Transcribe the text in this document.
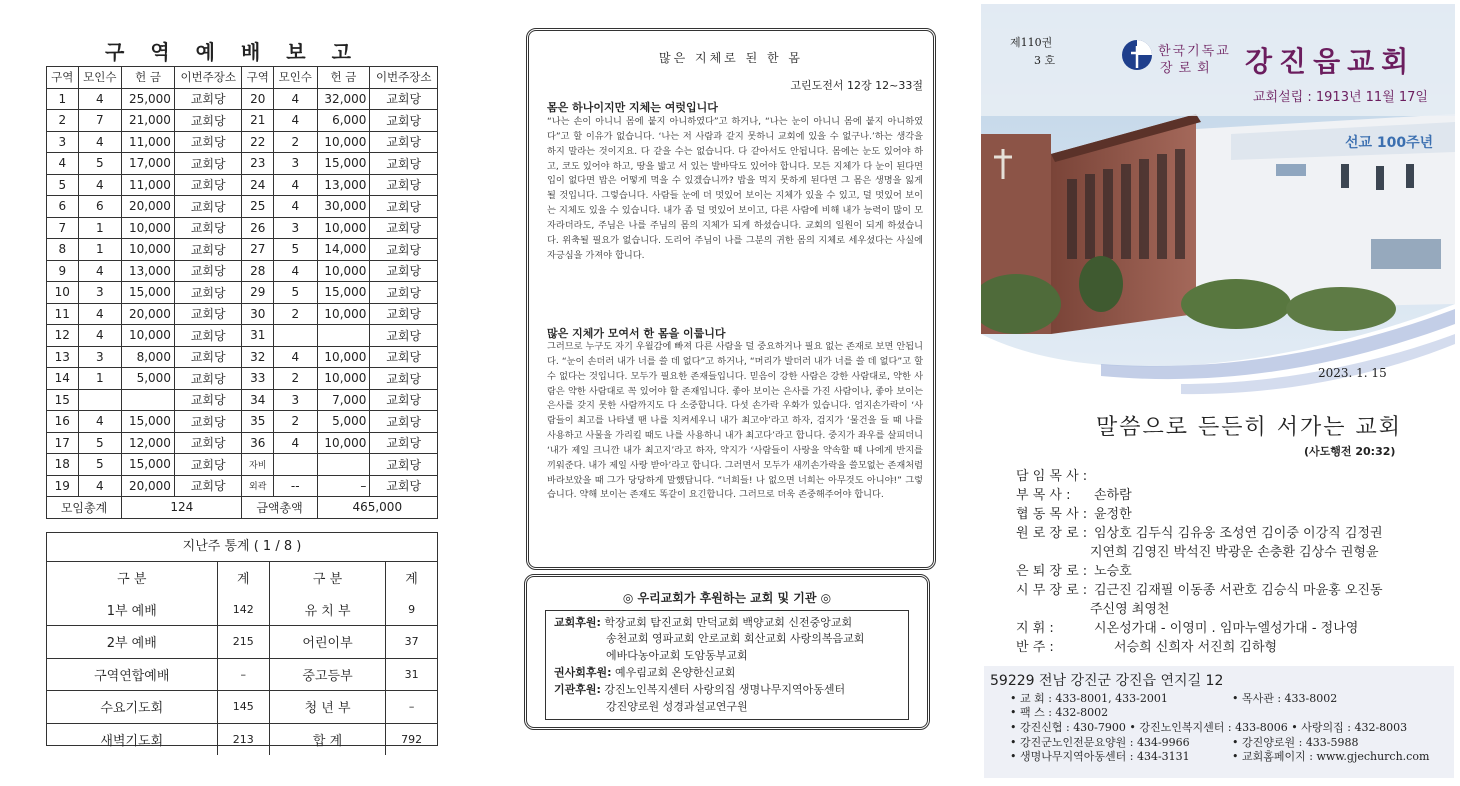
구역예배보고
구역	모인수	헌 금	이번주장소	구역	모인수	헌 금	이번주장소
1	4	25,000	교회당	20	4	32,000	교회당
2	7	21,000	교회당	21	4	6,000	교회당
3	4	11,000	교회당	22	2	10,000	교회당
4	5	17,000	교회당	23	3	15,000	교회당
5	4	11,000	교회당	24	4	13,000	교회당
6	6	20,000	교회당	25	4	30,000	교회당
7	1	10,000	교회당	26	3	10,000	교회당
8	1	10,000	교회당	27	5	14,000	교회당
9	4	13,000	교회당	28	4	10,000	교회당
10	3	15,000	교회당	29	5	15,000	교회당
11	4	20,000	교회당	30	2	10,000	교회당
12	4	10,000	교회당	31			교회당
13	3	8,000	교회당	32	4	10,000	교회당
14	1	5,000	교회당	33	2	10,000	교회당
15			교회당	34	3	7,000	교회당
16	4	15,000	교회당	35	2	5,000	교회당
17	5	12,000	교회당	36	4	10,000	교회당
18	5	15,000	교회당	자비			교회당
19	4	20,000	교회당	외곽	--	–	교회당
모임총계		124		금액총액		465,000	
지난주 통계 ( 1 / 8 )
구 분	계	구 분	계
1부 예배	142	유 치 부	9
2부 예배	215	어린이부	37
구역연합예배	–	중고등부	31
수요기도회	145	청 년 부	–
새벽기도회	213	합 계	792
많은 지체로 된 한 몸
고린도전서 12장 12~33절
몸은 하나이지만 지체는 여럿입니다
“나는 손이 아니니 몸에 붙지 아니하였다”고 하거나, “나는 눈이 아니니 몸에 붙지 아니하였다”고 할 이유가 없습니다. ‘나는 저 사람과 같지 못하니 교회에 있을 수 없구나.’하는 생각을 하지 말라는 것이지요. 다 같을 수는 없습니다. 다 같아서도 안됩니다. 몸에는 눈도 있어야 하고, 코도 있어야 하고, 땅을 밟고 서 있는 발바닥도 있어야 합니다. 모든 지체가 다 눈이 된다면 입이 없다면 밥은 어떻게 먹을 수 있겠습니까? 밥을 먹지 못하게 된다면 그 몸은 생명을 잃게 될 것입니다. 그렇습니다. 사람들 눈에 더 멋있어 보이는 지체가 있을 수 있고, 덜 멋있어 보이는 지체도 있을 수 있습니다. 내가 좀 덜 멋있어 보이고, 다른 사람에 비해 내가 능력이 많이 모자라더라도, 주님은 나를 주님의 몸의 지체가 되게 하셨습니다. 교회의 일원이 되게 하셨습니다. 위축될 필요가 없습니다. 도리어 주님이 나를 그분의 귀한 몸의 지체로 세우셨다는 사실에 자긍심을 가져야 합니다.
많은 지체가 모여서 한 몸을 이룹니다
그러므로 누구도 자기 우월감에 빠져 다른 사람을 덜 중요하거나 필요 없는 존재로 보면 안됩니다. “눈이 손더러 내가 너를 쓸 데 없다”고 하거나, “머리가 발더러 내가 너를 쓸 데 없다”고 할 수 없다는 것입니다. 모두가 필요한 존재들입니다. 믿음이 강한 사람은 강한 사람대로, 약한 사람은 약한 사람대로 꼭 있어야 할 존재입니다. 좋아 보이는 은사를 가진 사람이나, 좋아 보이는 은사를 갖지 못한 사람까지도 다 소중합니다. 다섯 손가락 우화가 있습니다. 엄지손가락이 ‘사람들이 최고를 나타낼 땐 나를 치켜세우니 내가 최고야’라고 하자, 검지가 ‘물건을 들 때 나를 사용하고 사물을 가리킬 때도 나를 사용하니 내가 최고다’라고 합니다. 중지가 좌우를 살피더니 ‘내가 제일 크니깐 내가 최고지’라고 하자, 약지가 ‘사람들이 사랑을 약속할 때 나에게 반지를 끼워준다. 내가 제일 사랑 받아’라고 합니다. 그러면서 모두가 새끼손가락을 쓸모없는 존재처럼 바라보았을 때 그가 당당하게 말했답니다. “너희들! 나 없으면 너희는 아무것도 아니야!” 그렇습니다. 약해 보이는 존재도 똑같이 요긴합니다. 그러므로 더욱 존중해주어야 합니다.
◎ 우리교회가 후원하는 교회 및 기관 ◎
교회후원: 학장교회 탐진교회 만덕교회 백양교회 신전중앙교회
송천교회 영파교회 안로교회 회산교회 사랑의복음교회
에바다농아교회 도암동부교회
권사회후원: 예우림교회 온양한신교회
기관후원: 강진노인복지센터 사랑의집 생명나무지역아동센터
강진양로원 성경과설교연구원
선교 100주년
제110권
3 호
한국기독교
장로회 강진읍교회
교회설립 : 1913년 11월 17일
2023. 1. 15
말씀으로 든든히 서가는 교회
(사도행전 20:32)
담 임 목 사 :
부 목 사 : 손하람
협 동 목 사 : 윤정한
원 로 장 로 : 임상호 김두식 김유웅 조성연 김이중 이강직 김정권
지연희 김영진 박석진 박광운 손충환 김상수 권형윤
은 퇴 장 로 : 노승호
시 무 장 로 : 김근진 김재필 이동종 서관호 김승식 마윤홍 오진동
주신영 최영천
지 휘 :	시온성가대 - 이영미 . 임마누엘성가대 - 정나영
반 주 :	서승희 신희자 서진희 김하형
59229 전남 강진군 강진읍 연지길 12
• 교 회 : 433-8001, 433-2001	• 목사관 : 433-8002
• 팩 스 : 432-8002
• 강진신협 : 430-7900 • 강진노인복지센터 : 433-8006 • 사랑의집 : 432-8003
• 강진군노인전문요양원 : 434-9966	• 강진양로원 : 433-5988
• 생명나무지역아동센터 : 434-3131	• 교회홈페이지 : www.gjechurch.com
